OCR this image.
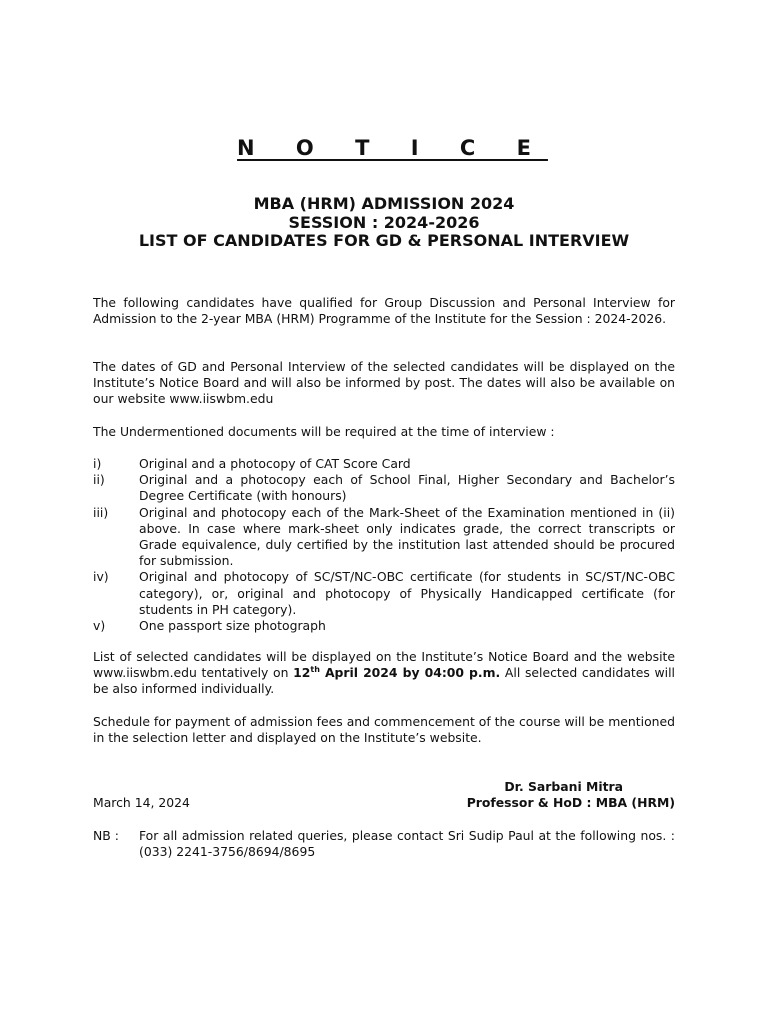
N O T I C E
MBA (HRM) ADMISSION 2024
SESSION : 2024-2026
LIST OF CANDIDATES FOR GD & PERSONAL INTERVIEW
The following candidates have qualified for Group Discussion and Personal Interview for Admission to the 2-year MBA (HRM) Programme of the Institute for the Session : 2024-2026.
The dates of GD and Personal Interview of the selected candidates will be displayed on the Institute’s Notice Board and will also be informed by post. The dates will also be available on our website www.iiswbm.edu
The Undermentioned documents will be required at the time of interview :
i)	Original and a photocopy of CAT Score Card
ii)	Original and a photocopy each of School Final, Higher Secondary and Bachelor’s Degree Certificate (with honours)
iii)	Original and photocopy each of the Mark-Sheet of the Examination mentioned in (ii) above. In case where mark-sheet only indicates grade, the correct transcripts or Grade equivalence, duly certified by the institution last attended should be procured for submission.
iv)	Original and photocopy of SC/ST/NC-OBC certificate (for students in SC/ST/NC-OBC category), or, original and photocopy of Physically Handicapped certificate (for students in PH category).
v)	One passport size photograph
List of selected candidates will be displayed on the Institute’s Notice Board and the website www.iiswbm.edu tentatively on 12th April 2024 by 04:00 p.m. All selected candidates will be also informed individually.
Schedule for payment of admission fees and commencement of the course will be mentioned in the selection letter and displayed on the Institute’s website.
Dr. Sarbani Mitra
March 14, 2024	Professor & HoD : MBA (HRM)
NB :	For all admission related queries, please contact Sri Sudip Paul at the following nos. : (033) 2241-3756/8694/8695
